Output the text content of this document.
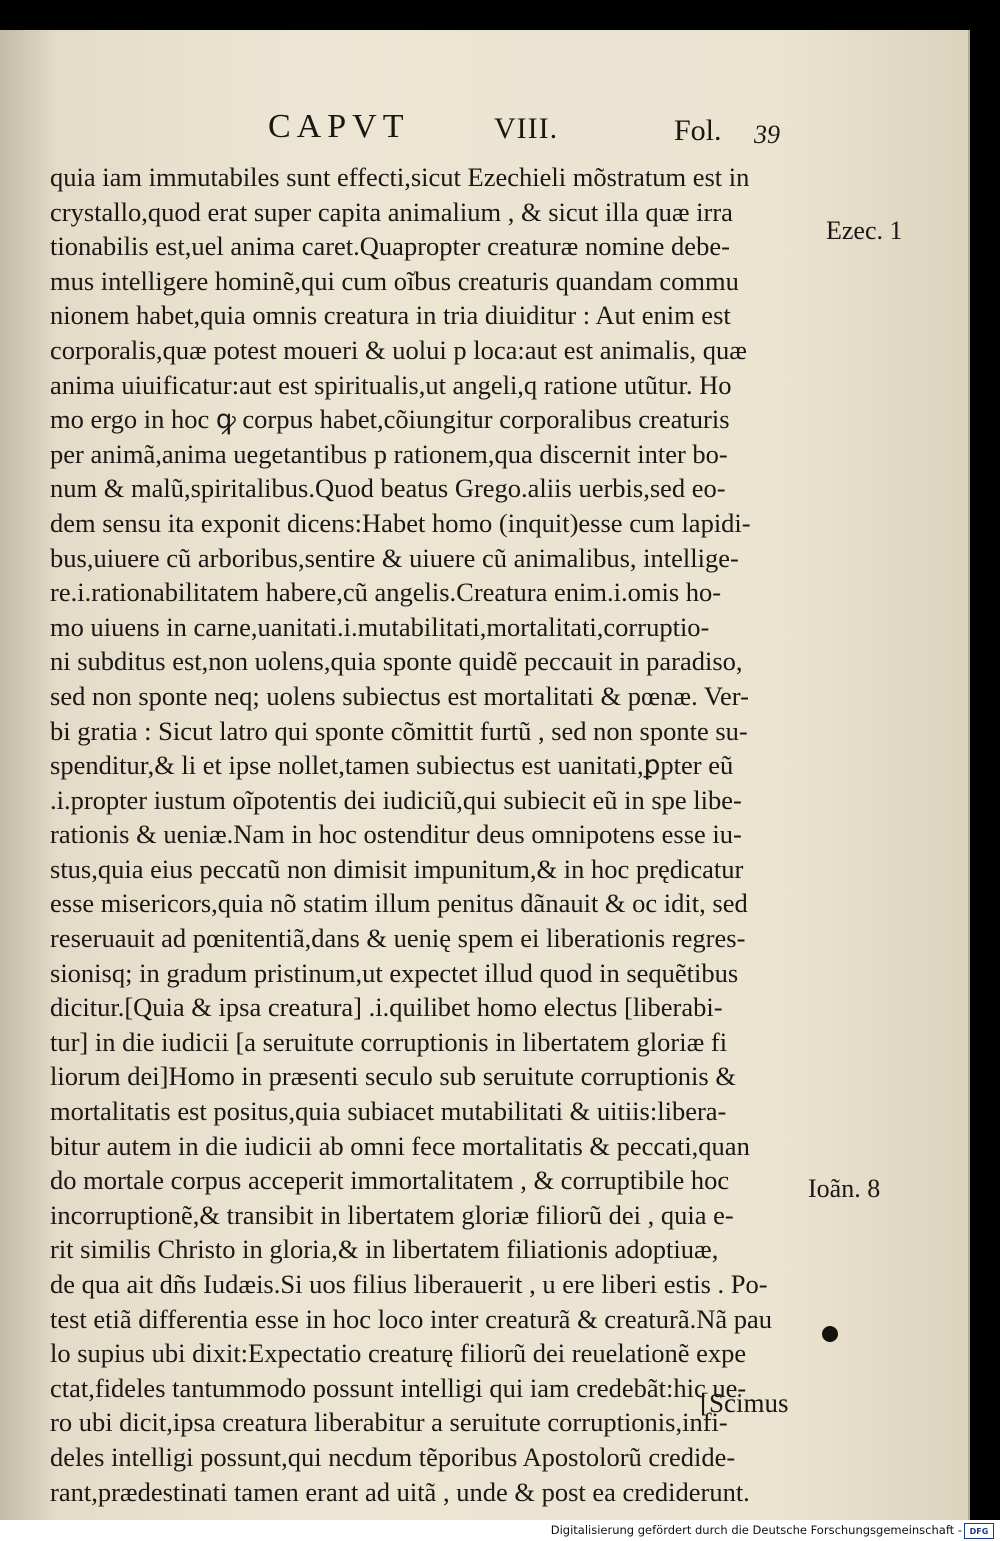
CAPVT	VIII.	Fol. 39
quia iam immutabiles sunt effecti,sicut Ezechieli mõstratum est in
crystallo,quod erat super capita animalium , & sicut illa quæ irra
tionabilis est,uel anima caret.Quapropter creaturæ nomine debe-
mus intelligere hominẽ,qui cum oĩbus creaturis quandam commu
nionem habet,quia omnis creatura in tria diuiditur : Aut enim est
corporalis,quæ potest moueri & uolui p loca:aut est animalis, quæ
anima uiuificatur:aut est spiritualis,ut angeli,q ratione utũtur. Ho
mo ergo in hoc ꝙ corpus habet,cõiungitur corporalibus creaturis
per animã,anima uegetantibus p rationem,qua discernit inter bo-
num & malũ,spiritalibus.Quod beatus Grego.aliis uerbis,sed eo-
dem sensu ita exponit dicens:Habet homo (inquit)esse cum lapidi-
bus,uiuere cũ arboribus,sentire & uiuere cũ animalibus, intellige-
re.i.rationabilitatem habere,cũ angelis.Creatura enim.i.omis ho-
mo uiuens in carne,uanitati.i.mutabilitati,mortalitati,corruptio-
ni subditus est,non uolens,quia sponte quidẽ peccauit in paradiso,
sed non sponte neq; uolens subiectus est mortalitati & pœnæ. Ver-
bi gratia : Sicut latro qui sponte cõmittit furtũ , sed non sponte su-
spenditur,& li et ipse nollet,tamen subiectus est uanitati,ꝑpter eũ
.i.propter iustum oĩpotentis dei iudiciũ,qui subiecit eũ in spe libe-
rationis & ueniæ.Nam in hoc ostenditur deus omnipotens esse iu-
stus,quia eius peccatũ non dimisit impunitum,& in hoc prędicatur
esse misericors,quia nõ statim illum penitus dãnauit & oc idit, sed
reseruauit ad pœnitentiã,dans & uenię spem ei liberationis regres-
sionisq; in gradum pristinum,ut expectet illud quod in sequẽtibus
dicitur.[Quia & ipsa creatura] .i.quilibet homo electus [liberabi-
tur] in die iudicii [a seruitute corruptionis in libertatem gloriæ fi
liorum dei]Homo in præsenti seculo sub seruitute corruptionis &
mortalitatis est positus,quia subiacet mutabilitati & uitiis:libera-
bitur autem in die iudicii ab omni fece mortalitatis & peccati,quan
do mortale corpus acceperit immortalitatem , & corruptibile hoc
incorruptionẽ,& transibit in libertatem gloriæ filiorũ dei , quia e-
rit similis Christo in gloria,& in libertatem filiationis adoptiuæ,
de qua ait dñs Iudæis.Si uos filius liberauerit , u ere liberi estis . Po-
test etiã differentia esse in hoc loco inter creaturã & creaturã.Nã pau
lo supius ubi dixit:Expectatio creaturę filiorũ dei reuelationẽ expe
ctat,fideles tantummodo possunt intelligi qui iam credebãt:hic ue-
ro ubi dicit,ipsa creatura liberabitur a seruitute corruptionis,infi-
deles intelligi possunt,qui necdum tẽporibus Apostolorũ credide-
rant,prædestinati tamen erant ad uitã , unde & post ea crediderunt.
[Scimus
Ezec. 1
Ioãn. 8
Digitalisierung gefördert durch die Deutsche Forschungsgemeinschaft - DFG
